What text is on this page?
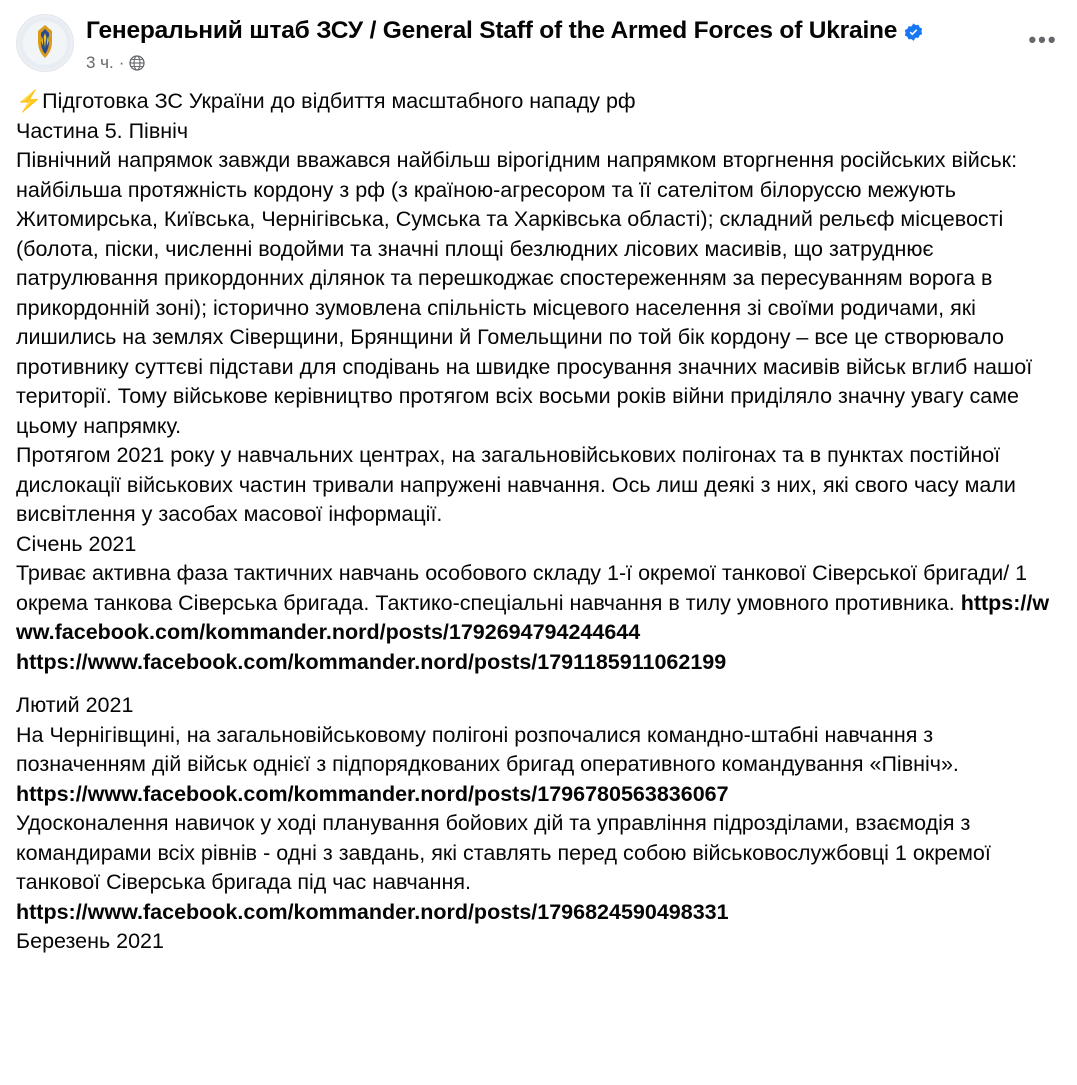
Генеральний штаб ЗСУ / General Staff of the Armed Forces of Ukraine
3 ч. ·
•••

⚡Підготовка ЗС України до відбиття масштабного нападу рф

Частина 5. Північ

Північний напрямок завжди вважався найбільш вірогідним напрямком вторгнення російських військ: найбільша протяжність кордону з рф (з країною-агресором та її сателітом білоруссю межують Житомирська, Київська, Чернігівська, Сумська та Харківська області); складний рельєф місцевості (болота, піски, численні водойми та значні площі безлюдних лісових масивів, що затруднює патрулювання прикордонних ділянок та перешкоджає спостереженням за пересуванням ворога в прикордонній зоні); історично зумовлена спільність місцевого населення зі своїми родичами, які лишились на землях Сіверщини, Брянщини й Гомельщини по той бік кордону – все це створювало противнику суттєві підстави для сподівань на швидке просування значних масивів військ вглиб нашої території. Тому військове керівництво протягом всіх восьми років війни приділяло значну увагу саме цьому напрямку.

Протягом 2021 року у навчальних центрах, на загальновійськових полігонах та в пунктах постійної дислокації військових частин тривали напружені навчання. Ось лиш деякі з них, які свого часу мали висвітлення у засобах масової інформації.

Січень 2021

Триває активна фаза тактичних навчань особового складу 1-ї окремої танкової Сіверської бригади/ 1 окрема танкова Сіверська бригада. Тактико-спеціальні навчання в тилу умовного противника. https://www.facebook.com/kommander.nord/posts/1792694794244644

https://www.facebook.com/kommander.nord/posts/1791185911062199

Лютий 2021

На Чернігівщині, на загальновійськовому полігоні розпочалися командно-штабні навчання з позначенням дій військ однієї з підпорядкованих бригад оперативного командування «Північ».

https://www.facebook.com/kommander.nord/posts/1796780563836067

Удосконалення навичок у ході планування бойових дій та управління підрозділами, взаємодія з командирами всіх рівнів - одні з завдань, які ставлять перед собою військовослужбовці 1 окремої танкової Сіверська бригада під час навчання.

https://www.facebook.com/kommander.nord/posts/1796824590498331

Березень 2021
